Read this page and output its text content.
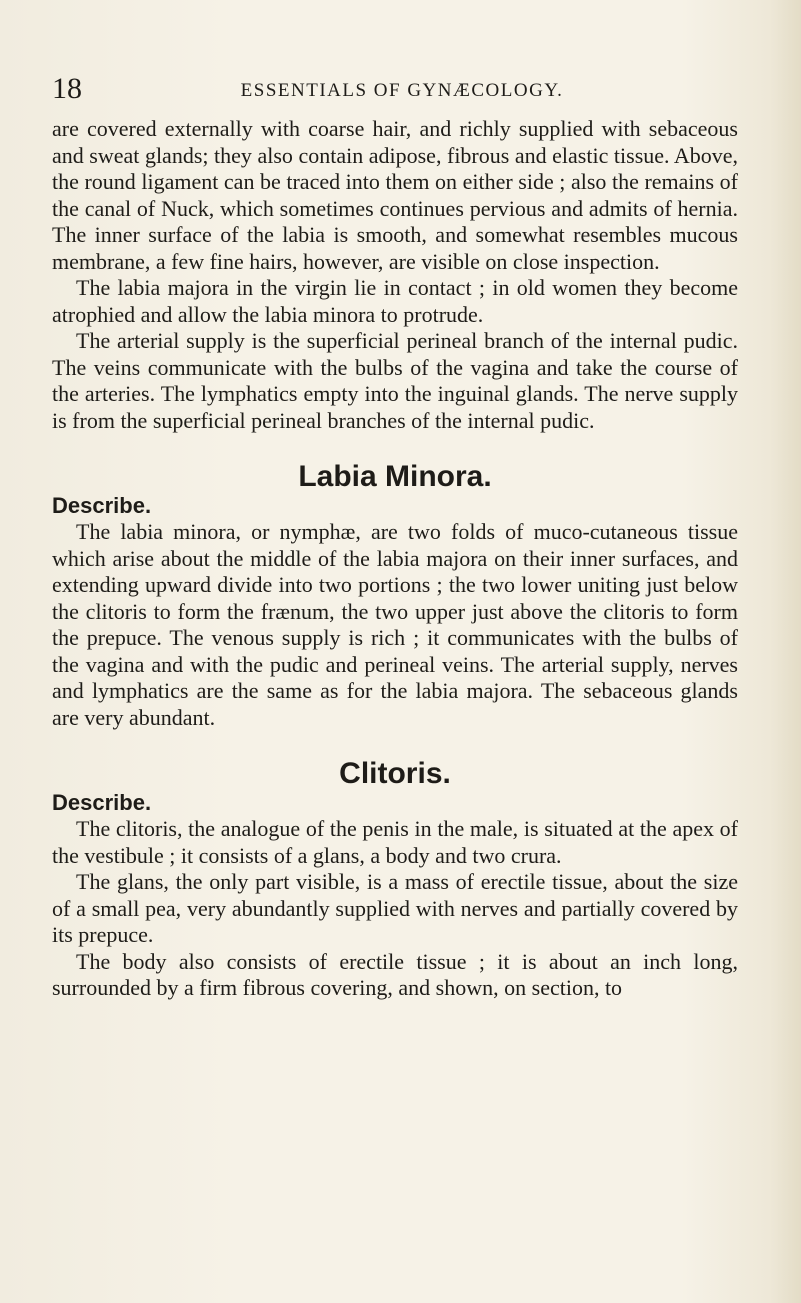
18	ESSENTIALS OF GYNÆCOLOGY.

are covered externally with coarse hair, and richly supplied with sebaceous and sweat glands; they also contain adipose, fibrous and elastic tissue. Above, the round ligament can be traced into them on either side ; also the remains of the canal of Nuck, which sometimes continues pervious and admits of hernia. The inner surface of the labia is smooth, and somewhat resembles mucous membrane, a few fine hairs, however, are visible on close inspection.

The labia majora in the virgin lie in contact ; in old women they become atrophied and allow the labia minora to protrude.

The arterial supply is the superficial perineal branch of the internal pudic. The veins communicate with the bulbs of the vagina and take the course of the arteries. The lymphatics empty into the inguinal glands. The nerve supply is from the superficial perineal branches of the internal pudic.

Labia Minora.
Describe.

The labia minora, or nymphæ, are two folds of muco-cutaneous tissue which arise about the middle of the labia majora on their inner surfaces, and extending upward divide into two portions ; the two lower uniting just below the clitoris to form the frænum, the two upper just above the clitoris to form the prepuce. The venous supply is rich ; it communicates with the bulbs of the vagina and with the pudic and perineal veins. The arterial supply, nerves and lymphatics are the same as for the labia majora. The sebaceous glands are very abundant.

Clitoris.
Describe.

The clitoris, the analogue of the penis in the male, is situated at the apex of the vestibule ; it consists of a glans, a body and two crura.

The glans, the only part visible, is a mass of erectile tissue, about the size of a small pea, very abundantly supplied with nerves and partially covered by its prepuce.

The body also consists of erectile tissue ; it is about an inch long, surrounded by a firm fibrous covering, and shown, on section, to
